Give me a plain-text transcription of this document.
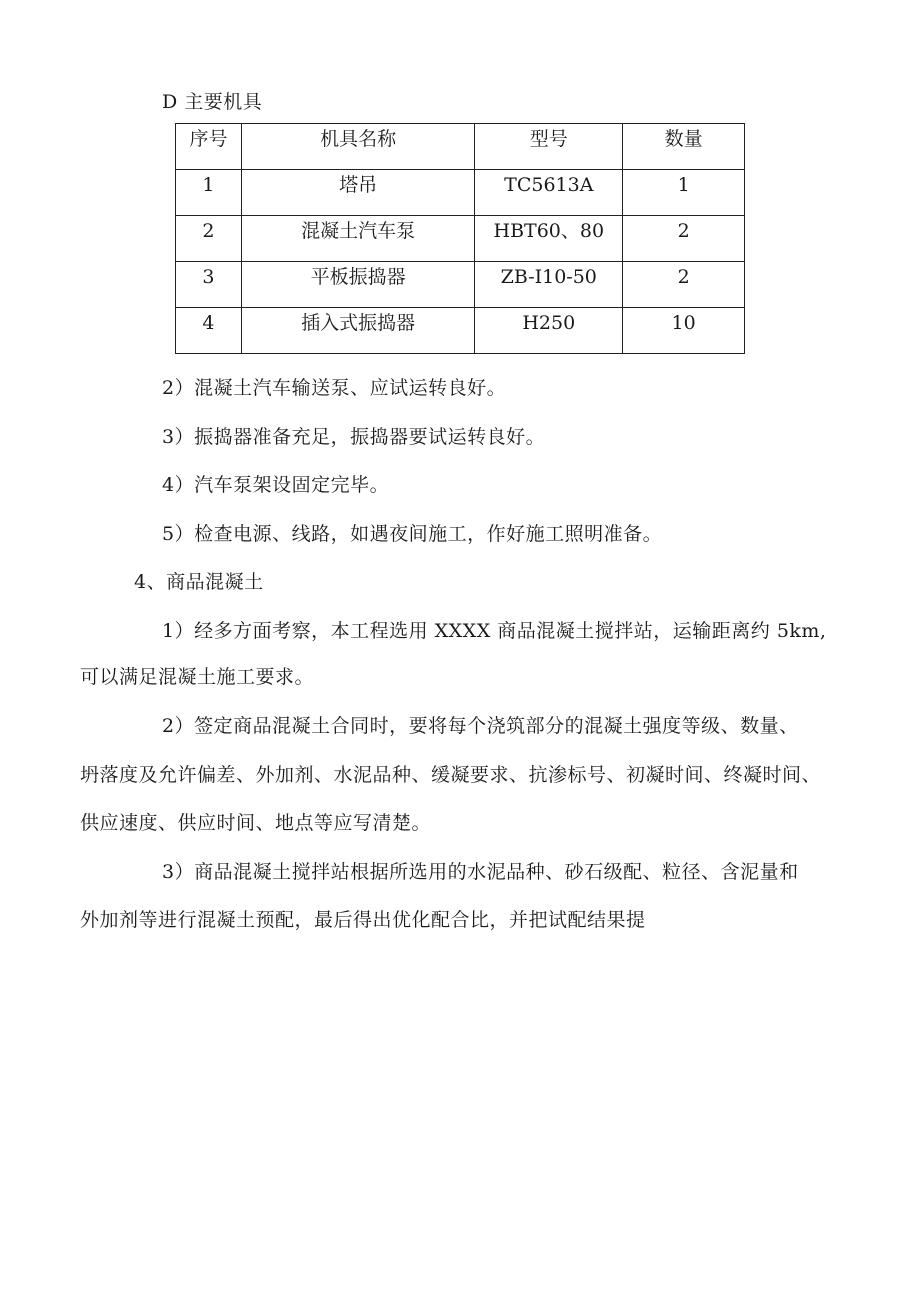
D 主要机具
序号	机具名称	型号	数量
1	塔吊	TC5613A	1
2	混凝土汽车泵	HBT60、80	2
3	平板振捣器	ZB-I10-50	2
4	插入式振捣器	H250	10
2）混凝土汽车输送泵、应试运转良好。
3）振捣器准备充足，振捣器要试运转良好。
4）汽车泵架设固定完毕。
5）检查电源、线路，如遇夜间施工，作好施工照明准备。
4、商品混凝土
1）经多方面考察，本工程选用 XXXX 商品混凝土搅拌站，运输距离约 5km,
可以满足混凝土施工要求。
2）签定商品混凝土合同时，要将每个浇筑部分的混凝土强度等级、数量、
坍落度及允许偏差、外加剂、水泥品种、缓凝要求、抗渗标号、初凝时间、终凝时间、
供应速度、供应时间、地点等应写清楚。
3）商品混凝土搅拌站根据所选用的水泥品种、砂石级配、粒径、含泥量和
外加剂等进行混凝土预配，最后得出优化配合比，并把试配结果提
